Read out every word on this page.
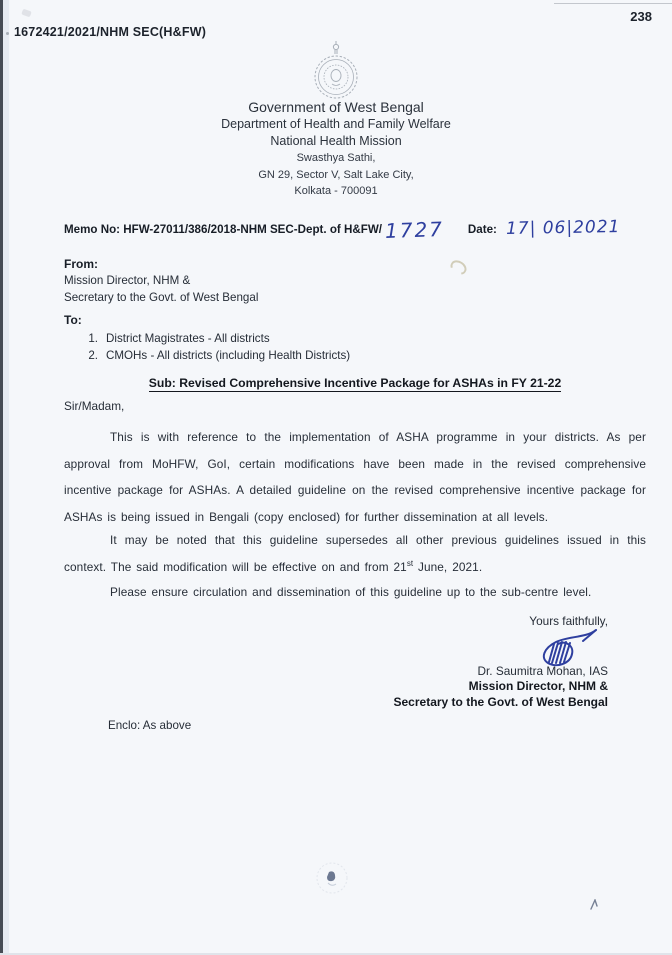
238
1672421/2021/NHM SEC(H&FW)
Government of West Bengal
Department of Health and Family Welfare
National Health Mission
Swasthya Sathi,
GN 29, Sector V, Salt Lake City,
Kolkata - 700091
Memo No: HFW-27011/386/2018-NHM SEC-Dept. of H&FW/ 1727 Date: 17| 06|2021
From:
Mission Director, NHM &
Secretary to the Govt. of West Bengal
To:
1. District Magistrates - All districts
2. CMOHs - All districts (including Health Districts)
Sub: Revised Comprehensive Incentive Package for ASHAs in FY 21-22
Sir/Madam,
This is with reference to the implementation of ASHA programme in your districts. As per approval from MoHFW, GoI, certain modifications have been made in the revised comprehensive incentive package for ASHAs. A detailed guideline on the revised comprehensive incentive package for ASHAs is being issued in Bengali (copy enclosed) for further dissemination at all levels.
It may be noted that this guideline supersedes all other previous guidelines issued in this context. The said modification will be effective on and from 21st June, 2021.
Please ensure circulation and dissemination of this guideline up to the sub-centre level.
Yours faithfully,
Dr. Saumitra Mohan, IAS
Mission Director, NHM &
Secretary to the Govt. of West Bengal
Enclo: As above
